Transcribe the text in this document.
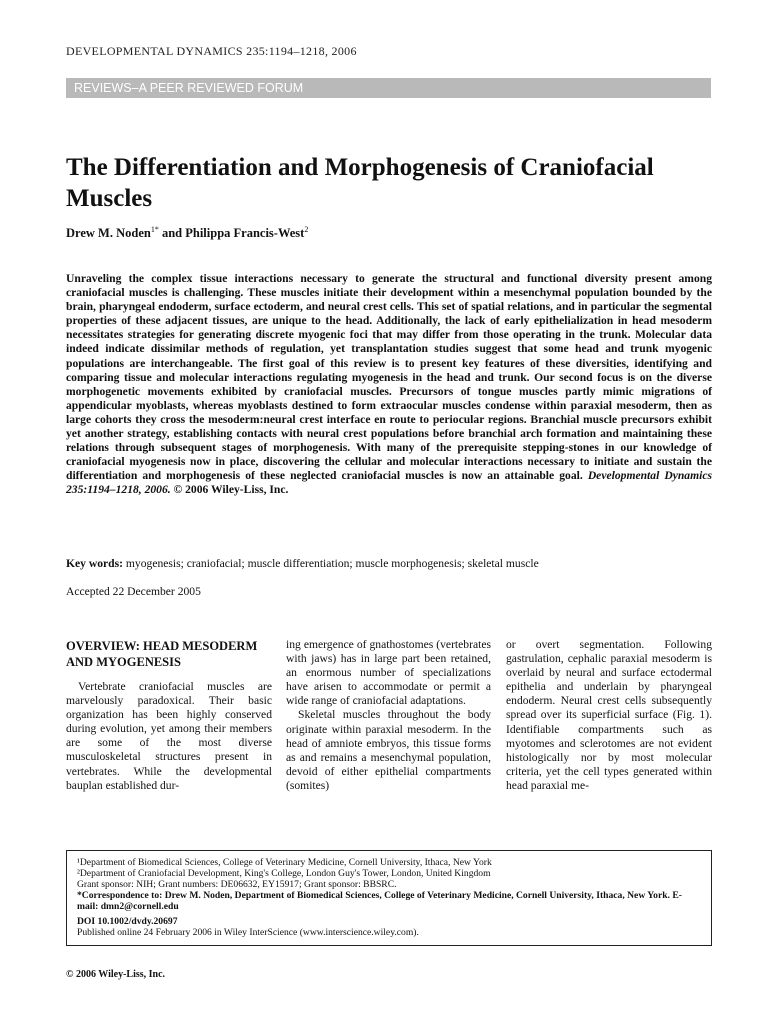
DEVELOPMENTAL DYNAMICS 235:1194–1218, 2006
REVIEWS–A PEER REVIEWED FORUM
The Differentiation and Morphogenesis of Craniofacial Muscles
Drew M. Noden$^{1*}$ and Philippa Francis-West$^2$

Unraveling the complex tissue interactions necessary to generate the structural and functional diversity present among craniofacial muscles is challenging. These muscles initiate their development within a mesenchymal population bounded by the brain, pharyngeal endoderm, surface ectoderm, and neural crest cells. This set of spatial relations, and in particular the segmental properties of these adjacent tissues, are unique to the head. Additionally, the lack of early epithelialization in head mesoderm necessitates strategies for generating discrete myogenic foci that may differ from those operating in the trunk. Molecular data indeed indicate dissimilar methods of regulation, yet transplantation studies suggest that some head and trunk myogenic populations are interchangeable. The first goal of this review is to present key features of these diversities, identifying and comparing tissue and molecular interactions regulating myogenesis in the head and trunk. Our second focus is on the diverse morphogenetic movements exhibited by craniofacial muscles. Precursors of tongue muscles partly mimic migrations of appendicular myoblasts, whereas myoblasts destined to form extraocular muscles condense within paraxial mesoderm, then as large cohorts they cross the mesoderm:neural crest interface en route to periocular regions. Branchial muscle precursors exhibit yet another strategy, establishing contacts with neural crest populations before branchial arch formation and maintaining these relations through subsequent stages of morphogenesis. With many of the prerequisite stepping-stones in our knowledge of craniofacial myogenesis now in place, discovering the cellular and molecular interactions necessary to initiate and sustain the differentiation and morphogenesis of these neglected craniofacial muscles is now an attainable goal. Developmental Dynamics 235:1194–1218, 2006. © 2006 Wiley-Liss, Inc.

Key words: myogenesis; craniofacial; muscle differentiation; muscle morphogenesis; skeletal muscle
Accepted 22 December 2005
OVERVIEW: HEAD MESODERM AND MYOGENESIS

Vertebrate craniofacial muscles are marvelously paradoxical. Their basic organization has been highly conserved during evolution, yet among their members are some of the most diverse musculoskeletal structures present in vertebrates. While the developmental bauplan established dur-

ing emergence of gnathostomes (vertebrates with jaws) has in large part been retained, an enormous number of specializations have arisen to accommodate or permit a wide range of craniofacial adaptations.

Skeletal muscles throughout the body originate within paraxial mesoderm. In the head of amniote embryos, this tissue forms as and remains a mesenchymal population, devoid of either epithelial compartments (somites)

or overt segmentation. Following gastrulation, cephalic paraxial mesoderm is overlaid by neural and surface ectodermal epithelia and underlain by pharyngeal endoderm. Neural crest cells subsequently spread over its superficial surface (Fig. 1). Identifiable compartments such as myotomes and sclerotomes are not evident histologically nor by most molecular criteria, yet the cell types generated within head paraxial me-

¹Department of Biomedical Sciences, College of Veterinary Medicine, Cornell University, Ithaca, New York

²Department of Craniofacial Development, King's College, London Guy's Tower, London, United Kingdom

Grant sponsor: NIH; Grant numbers: DE06632, EY15917; Grant sponsor: BBSRC.

*Correspondence to: Drew M. Noden, Department of Biomedical Sciences, College of Veterinary Medicine, Cornell University, Ithaca, New York. E-mail: dmn2@cornell.edu

DOI 10.1002/dvdy.20697

Published online 24 February 2006 in Wiley InterScience (www.interscience.wiley.com).

© 2006 Wiley-Liss, Inc.
